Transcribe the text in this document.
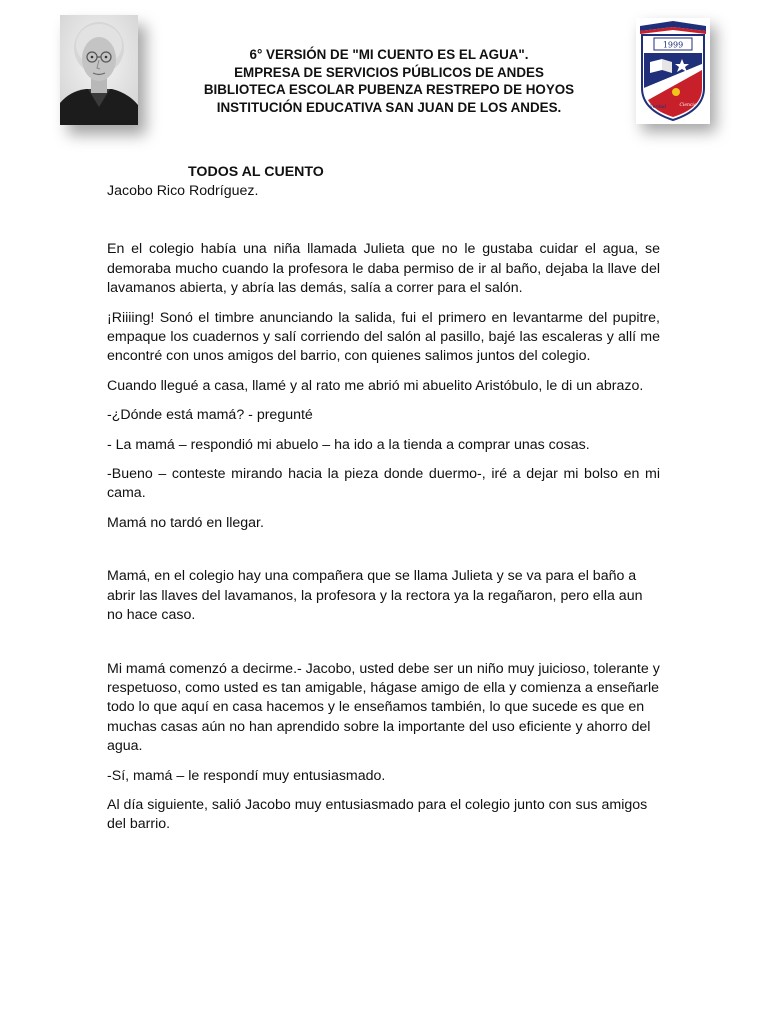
6° VERSIÓN DE "MI CUENTO ES EL AGUA".
EMPRESA DE SERVICIOS PÚBLICOS DE ANDES
BIBLIOTECA ESCOLAR PUBENZA RESTREPO DE HOYOS
INSTITUCIÓN EDUCATIVA SAN JUAN DE LOS ANDES.
1999
Verdad	Ciencia
TODOS AL CUENTO
Jacobo Rico Rodríguez.

En el colegio había una niña llamada Julieta que no le gustaba cuidar el agua, se demoraba mucho cuando la profesora le daba permiso de ir al baño, dejaba la llave del lavamanos abierta, y abría las demás, salía a correr para el salón.

¡Riiiing! Sonó el timbre anunciando la salida, fui el primero en levantarme del pupitre, empaque los cuadernos y salí corriendo del salón al pasillo, bajé las escaleras y allí me encontré con unos amigos del barrio, con quienes salimos juntos del colegio.

Cuando llegué a casa, llamé y al rato me abrió mi abuelito Aristóbulo, le di un abrazo.

-¿Dónde está mamá? - pregunté

- La mamá – respondió mi abuelo – ha ido a la tienda a comprar unas cosas.

-Bueno – conteste mirando hacia la pieza donde duermo-, iré a dejar mi bolso en mi cama.

Mamá no tardó en llegar.

Mamá, en el colegio hay una compañera que se llama Julieta y se va para el baño a abrir las llaves del lavamanos, la profesora y la rectora ya la regañaron, pero ella aun no hace caso.

Mi mamá comenzó a decirme.- Jacobo, usted debe ser un niño muy juicioso, tolerante y respetuoso, como usted es tan amigable, hágase amigo de ella y comienza a enseñarle todo lo que aquí en casa hacemos y le enseñamos también, lo que sucede es que en muchas casas aún no han aprendido sobre la importante del uso eficiente y ahorro del agua.

-Sí, mamá – le respondí muy entusiasmado.

Al día siguiente, salió Jacobo muy entusiasmado para el colegio junto con sus amigos del barrio.
